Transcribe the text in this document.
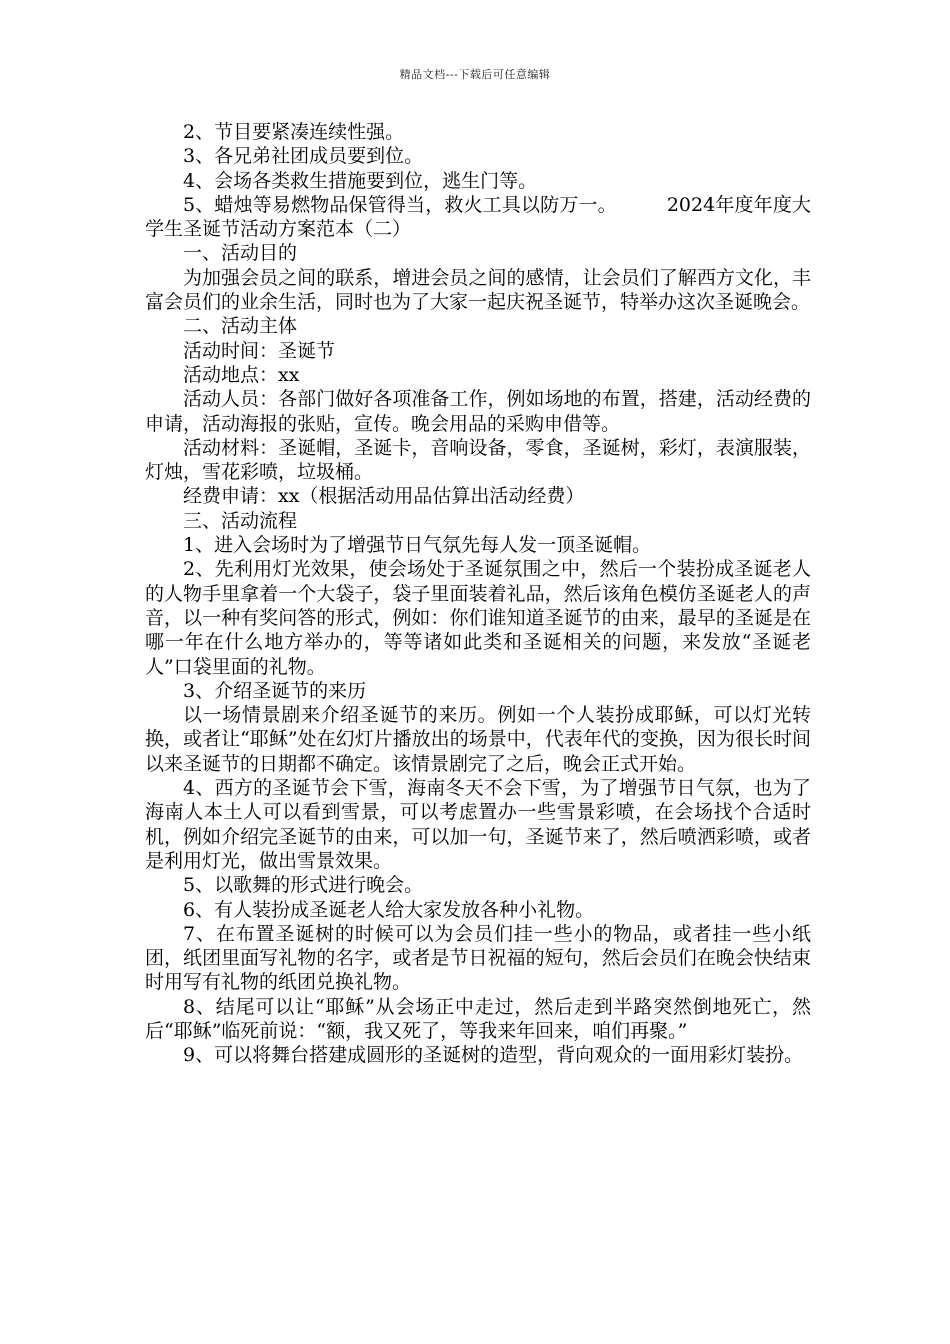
精品文档---下载后可任意编辑

2、节目要紧凑连续性强。

3、各兄弟社团成员要到位。

4、会场各类救生措施要到位，逃生门等。

5、蜡烛等易燃物品保管得当，救火工具以防万一。	2024年度年度大学生圣诞节活动方案范本（二）

一、活动目的

为加强会员之间的联系，增进会员之间的感情，让会员们了解西方文化，丰富会员们的业余生活，同时也为了大家一起庆祝圣诞节，特举办这次圣诞晚会。

二、活动主体

活动时间：圣诞节

活动地点：xx

活动人员：各部门做好各项准备工作，例如场地的布置，搭建，活动经费的申请，活动海报的张贴，宣传。晚会用品的采购申借等。

活动材料：圣诞帽，圣诞卡，音响设备，零食，圣诞树，彩灯，表演服装，灯烛，雪花彩喷，垃圾桶。

经费申请：xx（根据活动用品估算出活动经费）

三、活动流程

1、进入会场时为了增强节日气氛先每人发一顶圣诞帽。

2、先利用灯光效果，使会场处于圣诞氛围之中，然后一个装扮成圣诞老人的人物手里拿着一个大袋子，袋子里面装着礼品，然后该角色模仿圣诞老人的声音，以一种有奖问答的形式，例如：你们谁知道圣诞节的由来，最早的圣诞是在哪一年在什么地方举办的，等等诸如此类和圣诞相关的问题，来发放“圣诞老人”口袋里面的礼物。

3、介绍圣诞节的来历

以一场情景剧来介绍圣诞节的来历。例如一个人装扮成耶稣，可以灯光转换，或者让“耶稣”处在幻灯片播放出的场景中，代表年代的变换，因为很长时间以来圣诞节的日期都不确定。该情景剧完了之后，晚会正式开始。

4、西方的圣诞节会下雪，海南冬天不会下雪，为了增强节日气氛，也为了海南人本土人可以看到雪景，可以考虑置办一些雪景彩喷，在会场找个合适时机，例如介绍完圣诞节的由来，可以加一句，圣诞节来了，然后喷洒彩喷，或者是利用灯光，做出雪景效果。

5、以歌舞的形式进行晚会。

6、有人装扮成圣诞老人给大家发放各种小礼物。

7、在布置圣诞树的时候可以为会员们挂一些小的物品，或者挂一些小纸团，纸团里面写礼物的名字，或者是节日祝福的短句，然后会员们在晚会快结束时用写有礼物的纸团兑换礼物。

8、结尾可以让“耶稣”从会场正中走过，然后走到半路突然倒地死亡，然后“耶稣”临死前说：“额，我又死了，等我来年回来，咱们再聚。”

9、可以将舞台搭建成圆形的圣诞树的造型，背向观众的一面用彩灯装扮。
